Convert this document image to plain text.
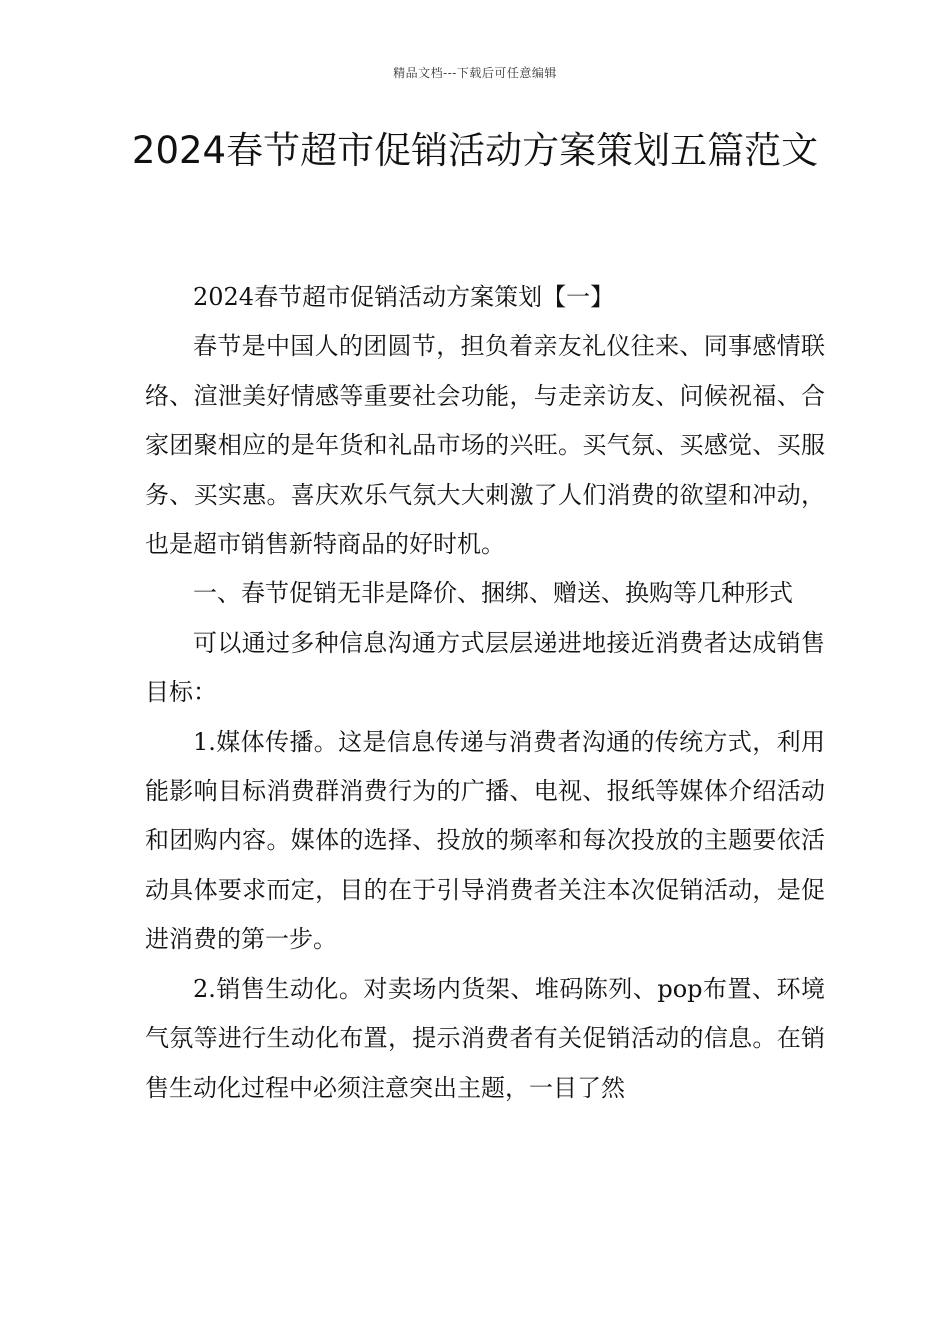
精品文档---下载后可任意编辑
2024春节超市促销活动方案策划五篇范文

2024春节超市促销活动方案策划【一】

春节是中国人的团圆节，担负着亲友礼仪往来、同事感情联络、渲泄美好情感等重要社会功能，与走亲访友、问候祝福、合家团聚相应的是年货和礼品市场的兴旺。买气氛、买感觉、买服务、买实惠。喜庆欢乐气氛大大刺激了人们消费的欲望和冲动，也是超市销售新特商品的好时机。

一、春节促销无非是降价、捆绑、赠送、换购等几种形式

可以通过多种信息沟通方式层层递进地接近消费者达成销售目标：

1.媒体传播。这是信息传递与消费者沟通的传统方式，利用能影响目标消费群消费行为的广播、电视、报纸等媒体介绍活动和团购内容。媒体的选择、投放的频率和每次投放的主题要依活动具体要求而定，目的在于引导消费者关注本次促销活动，是促进消费的第一步。

2.销售生动化。对卖场内货架、堆码陈列、pop布置、环境气氛等进行生动化布置，提示消费者有关促销活动的信息。在销售生动化过程中必须注意突出主题，一目了然
